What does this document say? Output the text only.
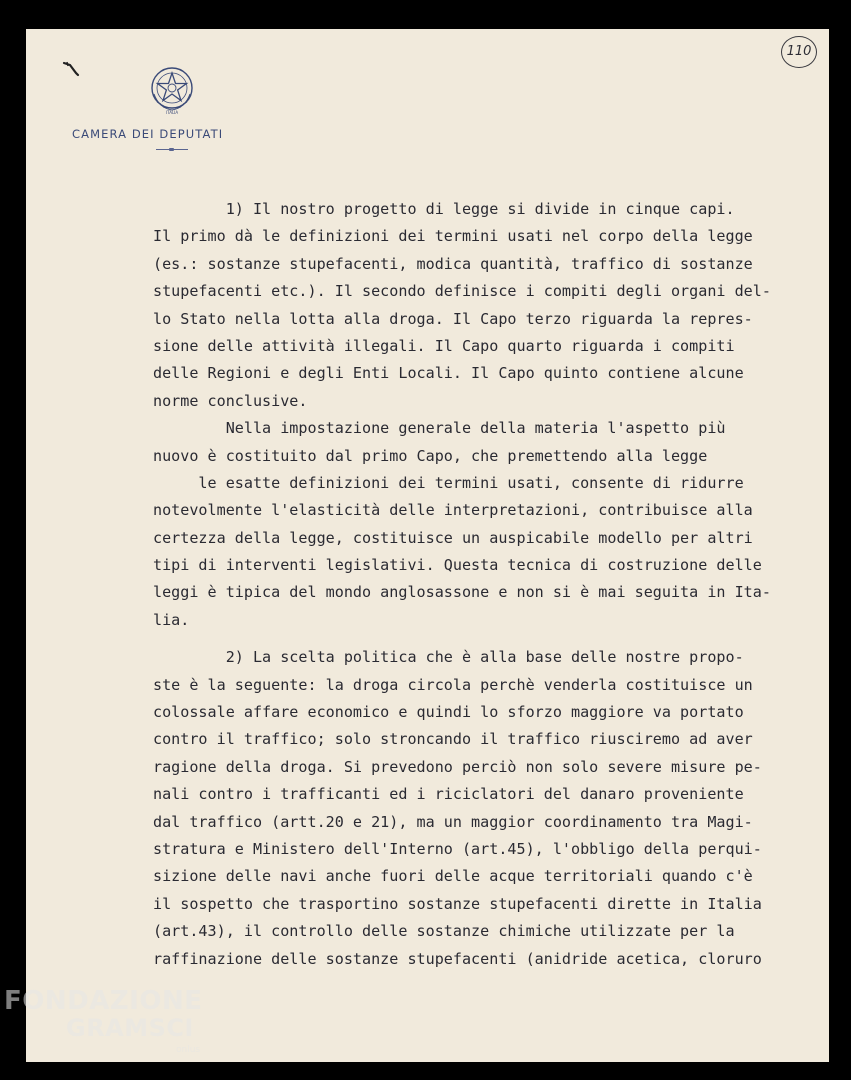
110
ITALIA
CAMERA DEI DEPUTATI
1) Il nostro progetto di legge si divide in cinque capi.
Il primo dà le definizioni dei termini usati nel corpo della legge
(es.: sostanze stupefacenti, modica quantità, traffico di sostanze
stupefacenti etc.). Il secondo definisce i compiti degli organi del-
lo Stato nella lotta alla droga. Il Capo terzo riguarda la repres-
sione delle attività illegali. Il Capo quarto riguarda i compiti
delle Regioni e degli Enti Locali. Il Capo quinto contiene alcune
norme conclusive.
Nella impostazione generale della materia l'aspetto più
nuovo è costituito dal primo Capo, che premettendo alla legge
le esatte definizioni dei termini usati, consente di ridurre
notevolmente l'elasticità delle interpretazioni, contribuisce alla
certezza della legge, costituisce un auspicabile modello per altri
tipi di interventi legislativi. Questa tecnica di costruzione delle
leggi è tipica del mondo anglosassone e non si è mai seguita in Ita-
lia.
2) La scelta politica che è alla base delle nostre propo-
ste è la seguente: la droga circola perchè venderla costituisce un
colossale affare economico e quindi lo sforzo maggiore va portato
contro il traffico; solo stroncando il traffico riusciremo ad aver
ragione della droga. Si prevedono perciò non solo severe misure pe-
nali contro i trafficanti ed i riciclatori del danaro proveniente
dal traffico (artt.20 e 21), ma un maggior coordinamento tra Magi-
stratura e Ministero dell'Interno (art.45), l'obbligo della perqui-
sizione delle navi anche fuori delle acque territoriali quando c'è
il sospetto che trasportino sostanze stupefacenti dirette in Italia
(art.43), il controllo delle sostanze chimiche utilizzate per la
raffinazione delle sostanze stupefacenti (anidride acetica, cloruro
FONDAZIONE
GRAMSCI
onlus
